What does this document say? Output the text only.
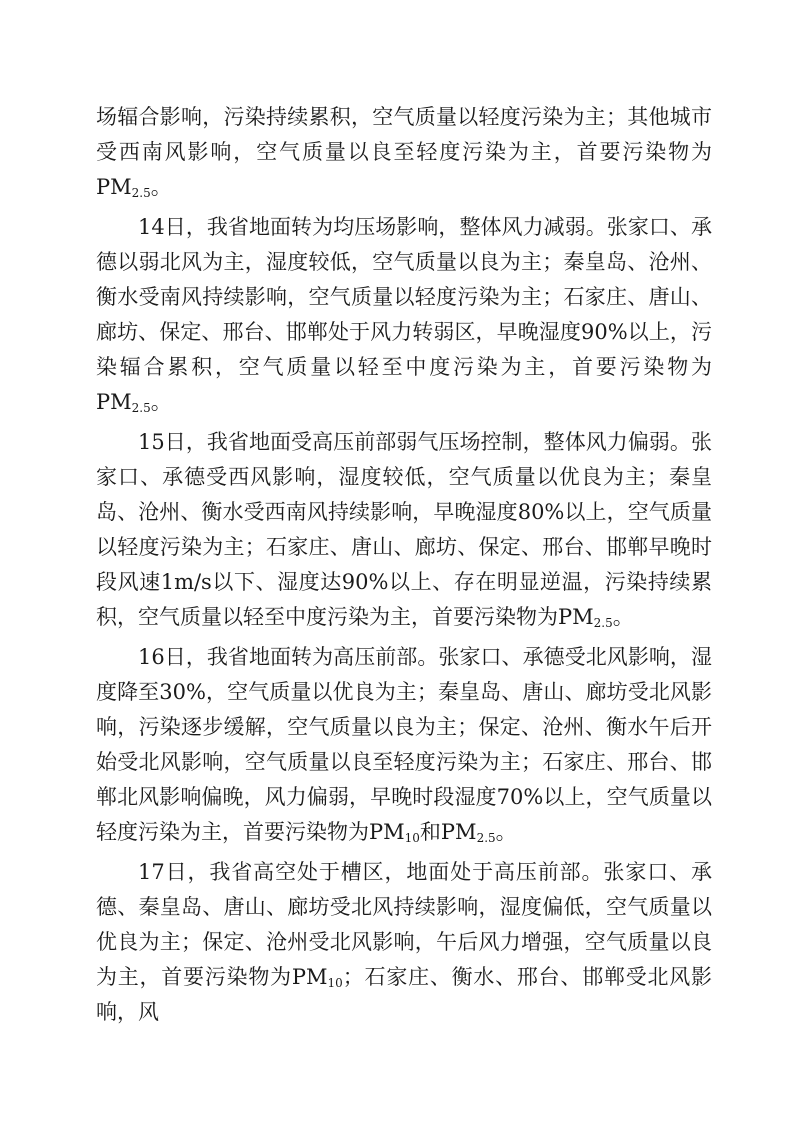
场辐合影响，污染持续累积，空气质量以轻度污染为主；其他城市受西南风影响，空气质量以良至轻度污染为主，首要污染物为$PM_{2.5}$。

14日，我省地面转为均压场影响，整体风力减弱。张家口、承德以弱北风为主，湿度较低，空气质量以良为主；秦皇岛、沧州、衡水受南风持续影响，空气质量以轻度污染为主；石家庄、唐山、廊坊、保定、邢台、邯郸处于风力转弱区，早晚湿度90%以上，污染辐合累积，空气质量以轻至中度污染为主，首要污染物为$PM_{2.5}$。

15日，我省地面受高压前部弱气压场控制，整体风力偏弱。张家口、承德受西风影响，湿度较低，空气质量以优良为主；秦皇岛、沧州、衡水受西南风持续影响，早晚湿度80%以上，空气质量以轻度污染为主；石家庄、唐山、廊坊、保定、邢台、邯郸早晚时段风速1m/s以下、湿度达90%以上、存在明显逆温，污染持续累积，空气质量以轻至中度污染为主，首要污染物为$PM_{2.5}$。

16日，我省地面转为高压前部。张家口、承德受北风影响，湿度降至30%，空气质量以优良为主；秦皇岛、唐山、廊坊受北风影响，污染逐步缓解，空气质量以良为主；保定、沧州、衡水午后开始受北风影响，空气质量以良至轻度污染为主；石家庄、邢台、邯郸北风影响偏晚，风力偏弱，早晚时段湿度70%以上，空气质量以轻度污染为主，首要污染物为$PM_{10}$和$PM_{2.5}$。

17日，我省高空处于槽区，地面处于高压前部。张家口、承德、秦皇岛、唐山、廊坊受北风持续影响，湿度偏低，空气质量以优良为主；保定、沧州受北风影响，午后风力增强，空气质量以良为主，首要污染物为$PM_{10}$；石家庄、衡水、邢台、邯郸受北风影响，风
